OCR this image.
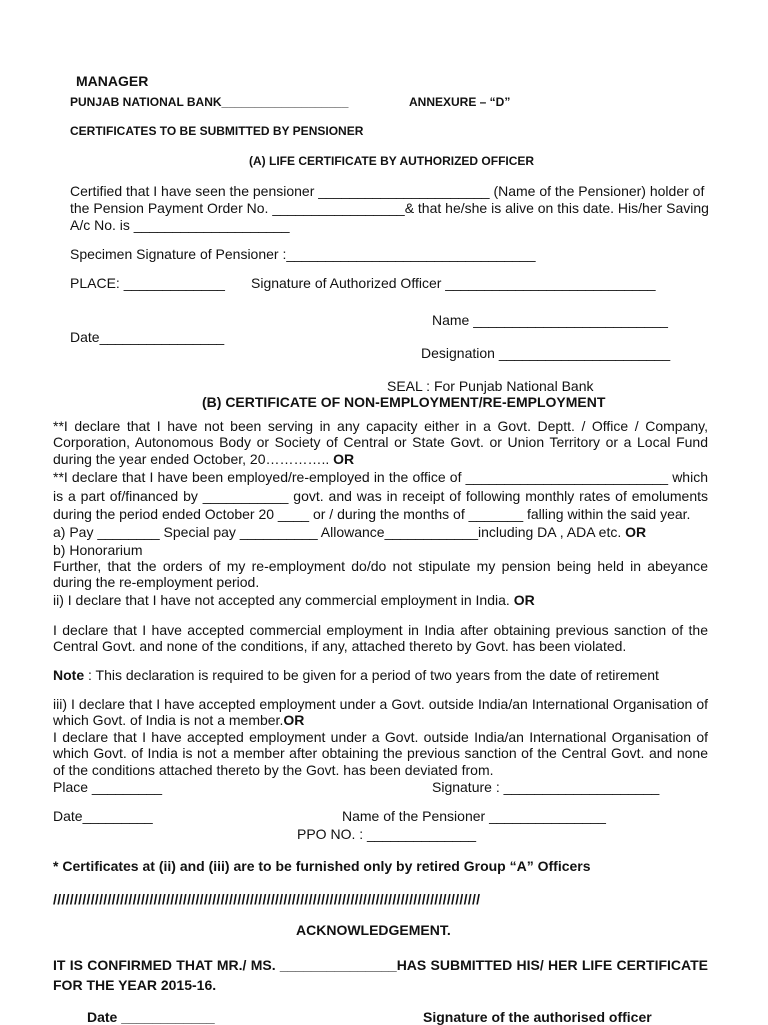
MANAGER
PUNJAB NATIONAL BANK___________________	ANNEXURE – “D”
CERTIFICATES TO BE SUBMITTED BY PENSIONER
(A) LIFE CERTIFICATE BY AUTHORIZED OFFICER
Certified that I have seen the pensioner ______________________ (Name of the Pensioner) holder of
the Pension Payment Order No. _________________& that he/she is alive on this date. His/her Saving
A/c No. is ____________________
Specimen Signature of Pensioner :________________________________
PLACE: _____________ Signature of Authorized Officer ___________________________
Name _________________________
Date________________
Designation ______________________
SEAL : For Punjab National Bank
(B) CERTIFICATE OF NON-EMPLOYMENT/RE-EMPLOYMENT
**I declare that I have not been serving in any capacity either in a Govt. Deptt. / Office / Company, Corporation, Autonomous Body or Society of Central or State Govt. or Union Territory or a Local Fund during the year ended October, 20………….. OR
**I declare that I have been employed/re-employed in the office of __________________________ which is a part of/financed by ___________ govt. and was in receipt of following monthly rates of emoluments during the period ended October 20 ____ or / during the months of _______ falling within the said year.
a) Pay ________ Special pay __________ Allowance____________including DA , ADA etc. OR
b) Honorarium
Further, that the orders of my re-employment do/do not stipulate my pension being held in abeyance during the re-employment period.
ii) I declare that I have not accepted any commercial employment in India. OR
I declare that I have accepted commercial employment in India after obtaining previous sanction of the Central Govt. and none of the conditions, if any, attached thereto by Govt. has been violated.
Note : This declaration is required to be given for a period of two years from the date of retirement
iii) I declare that I have accepted employment under a Govt. outside India/an International Organisation of which Govt. of India is not a member.OR
I declare that I have accepted employment under a Govt. outside India/an International Organisation of which Govt. of India is not a member after obtaining the previous sanction of the Central Govt. and none of the conditions attached thereto by the Govt. has been deviated from.
Place _________	Signature : ____________________
Date_________	Name of the Pensioner _______________
PPO NO. : ______________
* Certificates at (ii) and (iii) are to be furnished only by retired Group “A” Officers
//////////////////////////////////////////////////////////////////////////////////////////////////////
ACKNOWLEDGEMENT.
IT IS CONFIRMED THAT MR./ MS. _______________HAS SUBMITTED HIS/ HER LIFE CERTIFICATE FOR THE YEAR 2015-16.
Date ____________	Signature of the authorised officer
